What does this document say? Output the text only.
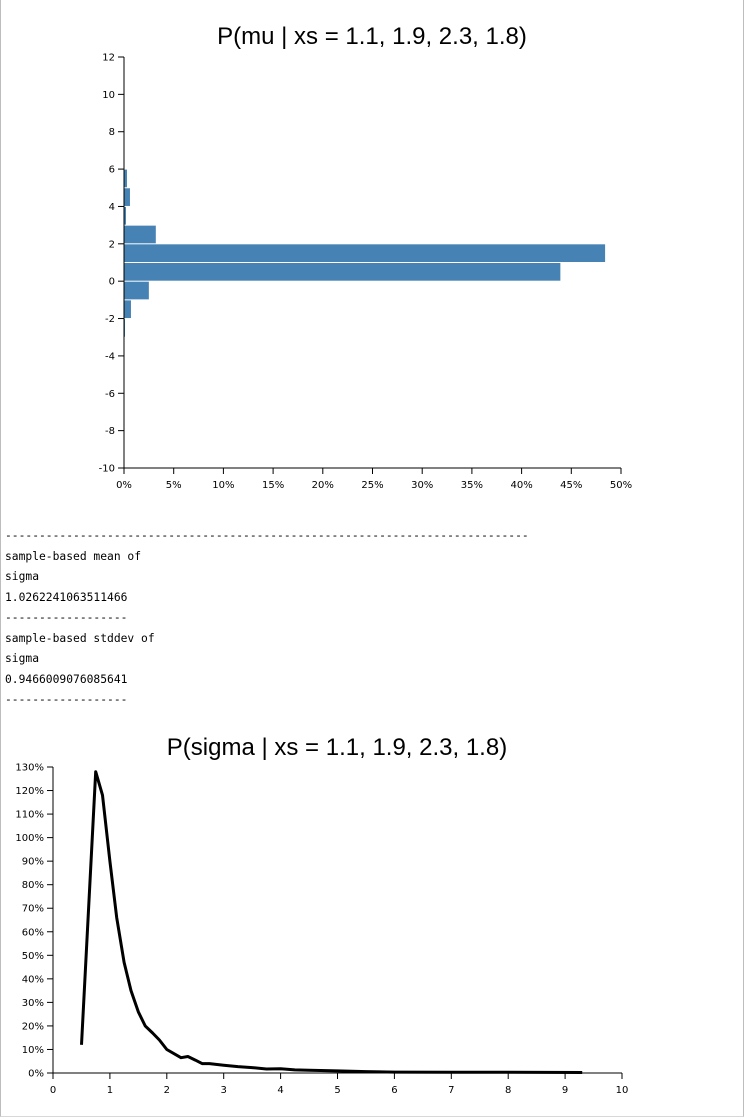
P(mu | xs = 1.1, 1.9, 2.3, 1.8)
12
10
8
6
4
2
0
-2
-4
-6
-8
-10
0%	5%	10%	15%	20%	25%	30%	35%	40%	45%	50%
-----------------------------------------------------------------------------
sample-based mean of
sigma
1.0262241063511466
------------------
sample-based stddev of
sigma
0.9466009076085641
------------------
P(sigma | xs = 1.1, 1.9, 2.3, 1.8)
130%
120%
110%
100%
90%
80%
70%
60%
50%
40%
30%
20%
10%
0%
0	1	2	3	4	5	6	7	8	9	10
